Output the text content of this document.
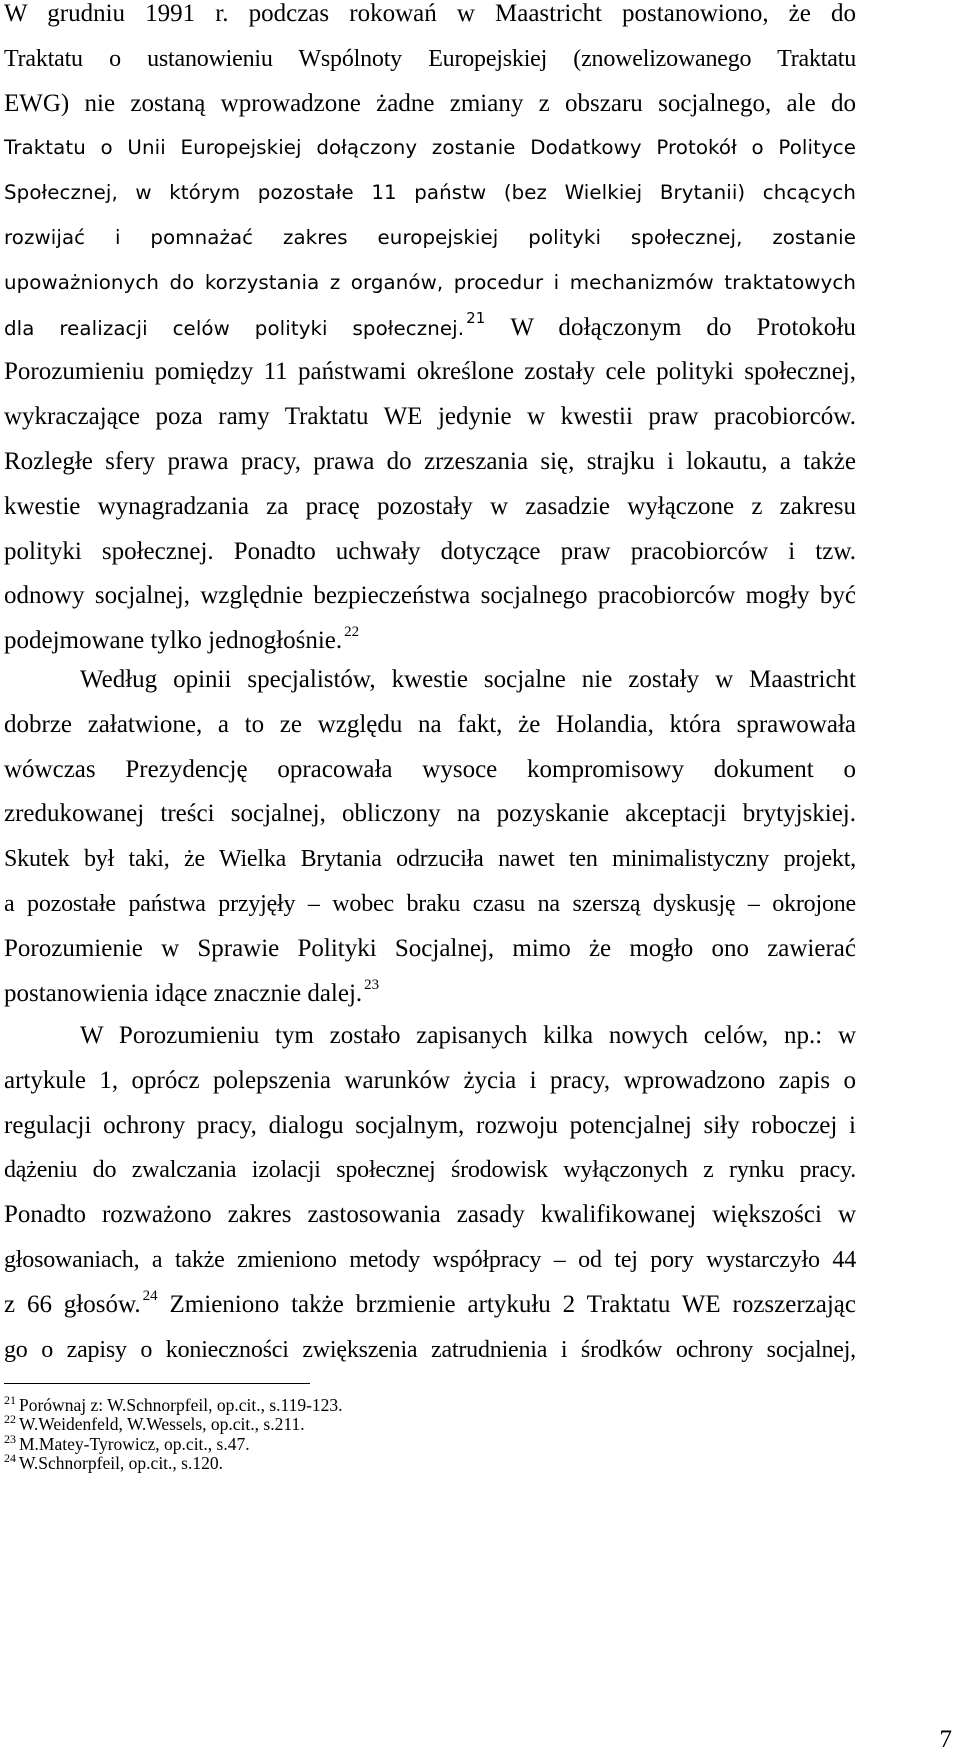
W grudniu 1991 r. podczas rokowań w Maastricht postanowiono, że do
Traktatu o ustanowieniu Wspólnoty Europejskiej (znowelizowanego Traktatu
EWG) nie zostaną wprowadzone żadne zmiany z obszaru socjalnego, ale do
Traktatu o Unii Europejskiej dołączony zostanie Dodatkowy Protokół o Polityce
Społecznej, w którym pozostałe 11 państw (bez Wielkiej Brytanii) chcących
rozwijać i pomnażać zakres europejskiej polityki społecznej, zostanie
upoważnionych do korzystania z organów, procedur i mechanizmów traktatowych
dla realizacji celów polityki społecznej. $^{21}$ W dołączonym do Protokołu
Porozumieniu pomiędzy 11 państwami określone zostały cele polityki społecznej,
wykraczające poza ramy Traktatu WE jedynie w kwestii praw pracobiorców.
Rozległe sfery prawa pracy, prawa do zrzeszania się, strajku i lokautu, a także
kwestie wynagradzania za pracę pozostały w zasadzie wyłączone z zakresu
polityki społecznej. Ponadto uchwały dotyczące praw pracobiorców i tzw.
odnowy socjalnej, względnie bezpieczeństwa socjalnego pracobiorców mogły być
podejmowane tylko jednogłośnie. $^{22}$
Według opinii specjalistów, kwestie socjalne nie zostały w Maastricht
dobrze załatwione, a to ze względu na fakt, że Holandia, która sprawowała
wówczas Prezydencję opracowała wysoce kompromisowy dokument o
zredukowanej treści socjalnej, obliczony na pozyskanie akceptacji brytyjskiej.
Skutek był taki, że Wielka Brytania odrzuciła nawet ten minimalistyczny projekt,
a pozostałe państwa przyjęły – wobec braku czasu na szerszą dyskusję – okrojone
Porozumienie w Sprawie Polityki Socjalnej, mimo że mogło ono zawierać
postanowienia idące znacznie dalej. $^{23}$
W Porozumieniu tym zostało zapisanych kilka nowych celów, np.: w
artykule 1, oprócz polepszenia warunków życia i pracy, wprowadzono zapis o
regulacji ochrony pracy, dialogu socjalnym, rozwoju potencjalnej siły roboczej i
dążeniu do zwalczania izolacji społecznej środowisk wyłączonych z rynku pracy.
Ponadto rozważono zakres zastosowania zasady kwalifikowanej większości w
głosowaniach, a także zmieniono metody współpracy – od tej pory wystarczyło 44
z 66 głosów. $^{24}$ Zmieniono także brzmienie artykułu 2 Traktatu WE rozszerzając
go o zapisy o konieczności zwiększenia zatrudnienia i środków ochrony socjalnej,
$^{21}$ Porównaj z: W.Schnorpfeil, op.cit., s.119-123.
$^{22}$ W.Weidenfeld, W.Wessels, op.cit., s.211.
$^{23}$ M.Matey-Tyrowicz, op.cit., s.47.
$^{24}$ W.Schnorpfeil, op.cit., s.120.
7
